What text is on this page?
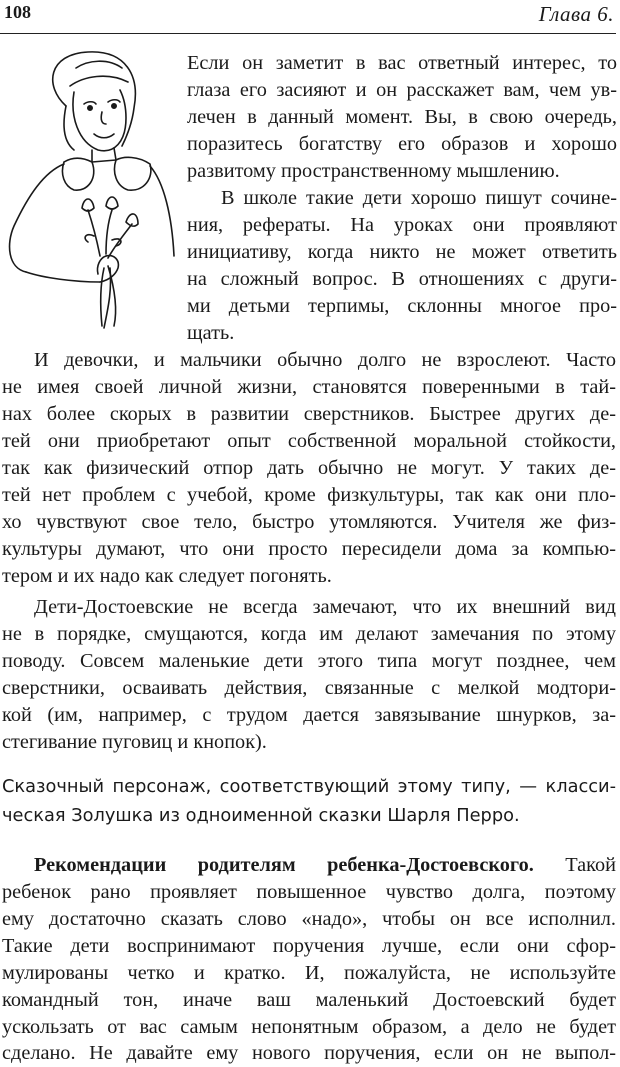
108	Глава 6.
Если он заметит в вас ответный интерес, то
глаза его засияют и он расскажет вам, чем ув-
лечен в данный момент. Вы, в свою очередь,
поразитесь богатству его образов и хорошо
развитому пространственному мышлению.
В школе такие дети хорошо пишут сочине-
ния, рефераты. На уроках они проявляют
инициативу, когда никто не может ответить
на сложный вопрос. В отношениях с други-
ми детьми терпимы, склонны многое про-
щать.
И девочки, и мальчики обычно долго не взрослеют. Часто
не имея своей личной жизни, становятся поверенными в тай-
нах более скорых в развитии сверстников. Быстрее других де-
тей они приобретают опыт собственной моральной стойкости,
так как физический отпор дать обычно не могут. У таких де-
тей нет проблем с учебой, кроме физкультуры, так как они пло-
хо чувствуют свое тело, быстро утомляются. Учителя же физ-
культуры думают, что они просто пересидели дома за компью-
тером и их надо как следует погонять.
Дети-Достоевские не всегда замечают, что их внешний вид
не в порядке, смущаются, когда им делают замечания по этому
поводу. Совсем маленькие дети этого типа могут позднее, чем
сверстники, осваивать действия, связанные с мелкой модтори-
кой (им, например, с трудом дается завязывание шнурков, за-
стегивание пуговиц и кнопок).
Сказочный персонаж, соответствующий этому типу, — класси-
ческая Золушка из одноименной сказки Шарля Перро.
Рекомендации родителям ребенка-Достоевского. Такой
ребенок рано проявляет повышенное чувство долга, поэтому
ему достаточно сказать слово «надо», чтобы он все исполнил.
Такие дети воспринимают поручения лучше, если они сфор-
мулированы четко и кратко. И, пожалуйста, не используйте
командный тон, иначе ваш маленький Достоевский будет
ускользать от вас самым непонятным образом, а дело не будет
сделано. Не давайте ему нового поручения, если он не выпол-
